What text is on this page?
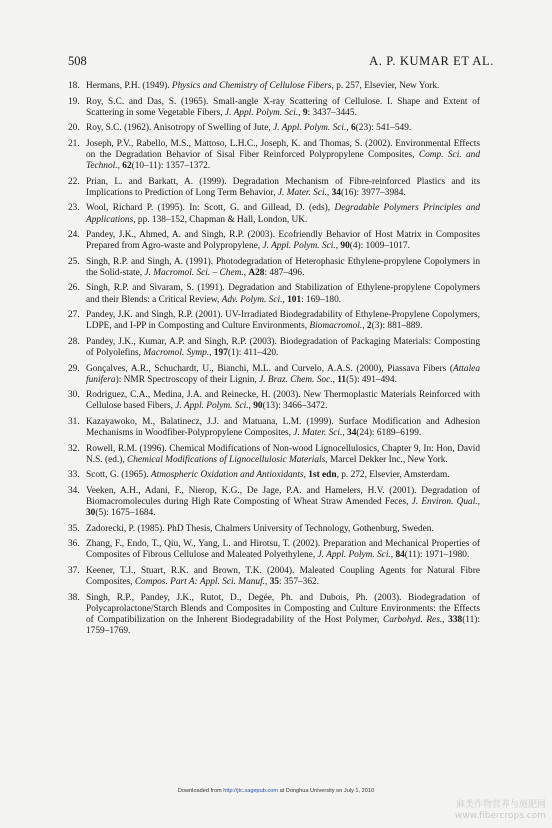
508	A. P. KUMAR ET AL.
18. Hermans, P.H. (1949). Physics and Chemistry of Cellulose Fibers, p. 257, Elsevier, New York.
19. Roy, S.C. and Das, S. (1965). Small-angle X-ray Scattering of Cellulose. I. Shape and Extent of Scattering in some Vegetable Fibers, J. Appl. Polym. Sci., 9: 3437–3445.
20. Roy, S.C. (1962). Anisotropy of Swelling of Jute, J. Appl. Polym. Sci., 6(23): 541–549.
21. Joseph, P.V., Rabello, M.S., Mattoso, L.H.C., Joseph, K. and Thomas, S. (2002). Environmental Effects on the Degradation Behavior of Sisal Fiber Reinforced Polypropylene Composites, Comp. Sci. and Technol., 62(10–11): 1357–1372.
22. Prian, L. and Barkatt, A. (1999). Degradation Mechanism of Fibre-reinforced Plastics and its Implications to Prediction of Long Term Behavior, J. Mater. Sci., 34(16): 3977–3984.
23. Wool, Richard P. (1995). In: Scott, G. and Gillead, D. (eds), Degradable Polymers Principles and Applications, pp. 138–152, Chapman & Hall, London, UK.
24. Pandey, J.K., Ahmed, A. and Singh, R.P. (2003). Ecofriendly Behavior of Host Matrix in Composites Prepared from Agro-waste and Polypropylene, J. Appl. Polym. Sci., 90(4): 1009–1017.
25. Singh, R.P. and Singh, A. (1991). Photodegradation of Heterophasic Ethylene-propylene Copolymers in the Solid-state, J. Macromol. Sci. – Chem., A28: 487–496.
26. Singh, R.P. and Sivaram, S. (1991). Degradation and Stabilization of Ethylene-propylene Copolymers and their Blends: a Critical Review, Adv. Polym. Sci., 101: 169–180.
27. Pandey, J.K. and Singh, R.P. (2001). UV-Irradiated Biodegradability of Ethylene-Propylene Copolymers, LDPE, and I-PP in Composting and Culture Environments, Biomacromol., 2(3): 881–889.
28. Pandey, J.K., Kumar, A.P. and Singh, R.P. (2003). Biodegradation of Packaging Materials: Composting of Polyolefins, Macromol. Symp., 197(1): 411–420.
29. Gonçalves, A.R., Schuchardt, U., Bianchi, M.L. and Curvelo, A.A.S. (2000), Piassava Fibers (Attalea funifera): NMR Spectroscopy of their Lignin, J. Braz. Chem. Soc., 11(5): 491–494.
30. Rodriguez, C.A., Medina, J.A. and Reinecke, H. (2003). New Thermoplastic Materials Reinforced with Cellulose based Fibers, J. Appl. Polym. Sci., 90(13): 3466–3472.
31. Kazayawoko, M., Balatinecz, J.J. and Matuana, L.M. (1999). Surface Modification and Adhesion Mechanisms in Woodfiber-Polypropylene Composites, J. Mater. Sci., 34(24): 6189–6199.
32. Rowell, R.M. (1996). Chemical Modifications of Non-wood Lignocellulosics, Chapter 9, In: Hon, David N.S. (ed.), Chemical Modifications of Lignocellulosic Materials, Marcel Dekker Inc., New York.
33. Scott, G. (1965). Atmospheric Oxidation and Antioxidants, 1st edn, p. 272, Elsevier, Amsterdam.
34. Veeken, A.H., Adani, F., Nierop, K.G., De Jage, P.A. and Hamelers, H.V. (2001). Degradation of Biomacromolecules during High Rate Composting of Wheat Straw Amended Feces, J. Environ. Qual., 30(5): 1675–1684.
35. Zadorecki, P. (1985). PhD Thesis, Chalmers University of Technology, Gothenburg, Sweden.
36. Zhang, F., Endo, T., Qiu, W., Yang, L. and Hirotsu, T. (2002). Preparation and Mechanical Properties of Composites of Fibrous Cellulose and Maleated Polyethylene, J. Appl. Polym. Sci., 84(11): 1971–1980.
37. Keener, T.J., Stuart, R.K. and Brown, T.K. (2004). Maleated Coupling Agents for Natural Fibre Composites, Compos. Part A: Appl. Sci. Manuf., 35: 357–362.
38. Singh, R.P., Pandey, J.K., Rutot, D., Degée, Ph. and Dubois, Ph. (2003). Biodegradation of Polycaprolactone/Starch Blends and Composites in Composting and Culture Environments: the Effects of Compatibilization on the Inherent Biodegradability of the Host Polymer, Carbohyd. Res., 338(11): 1759–1769.
Downloaded from http://jtc.sagepub.com at Donghua University on July 1, 2010
麻类作物营养与施肥网
www.fibercrops.com
